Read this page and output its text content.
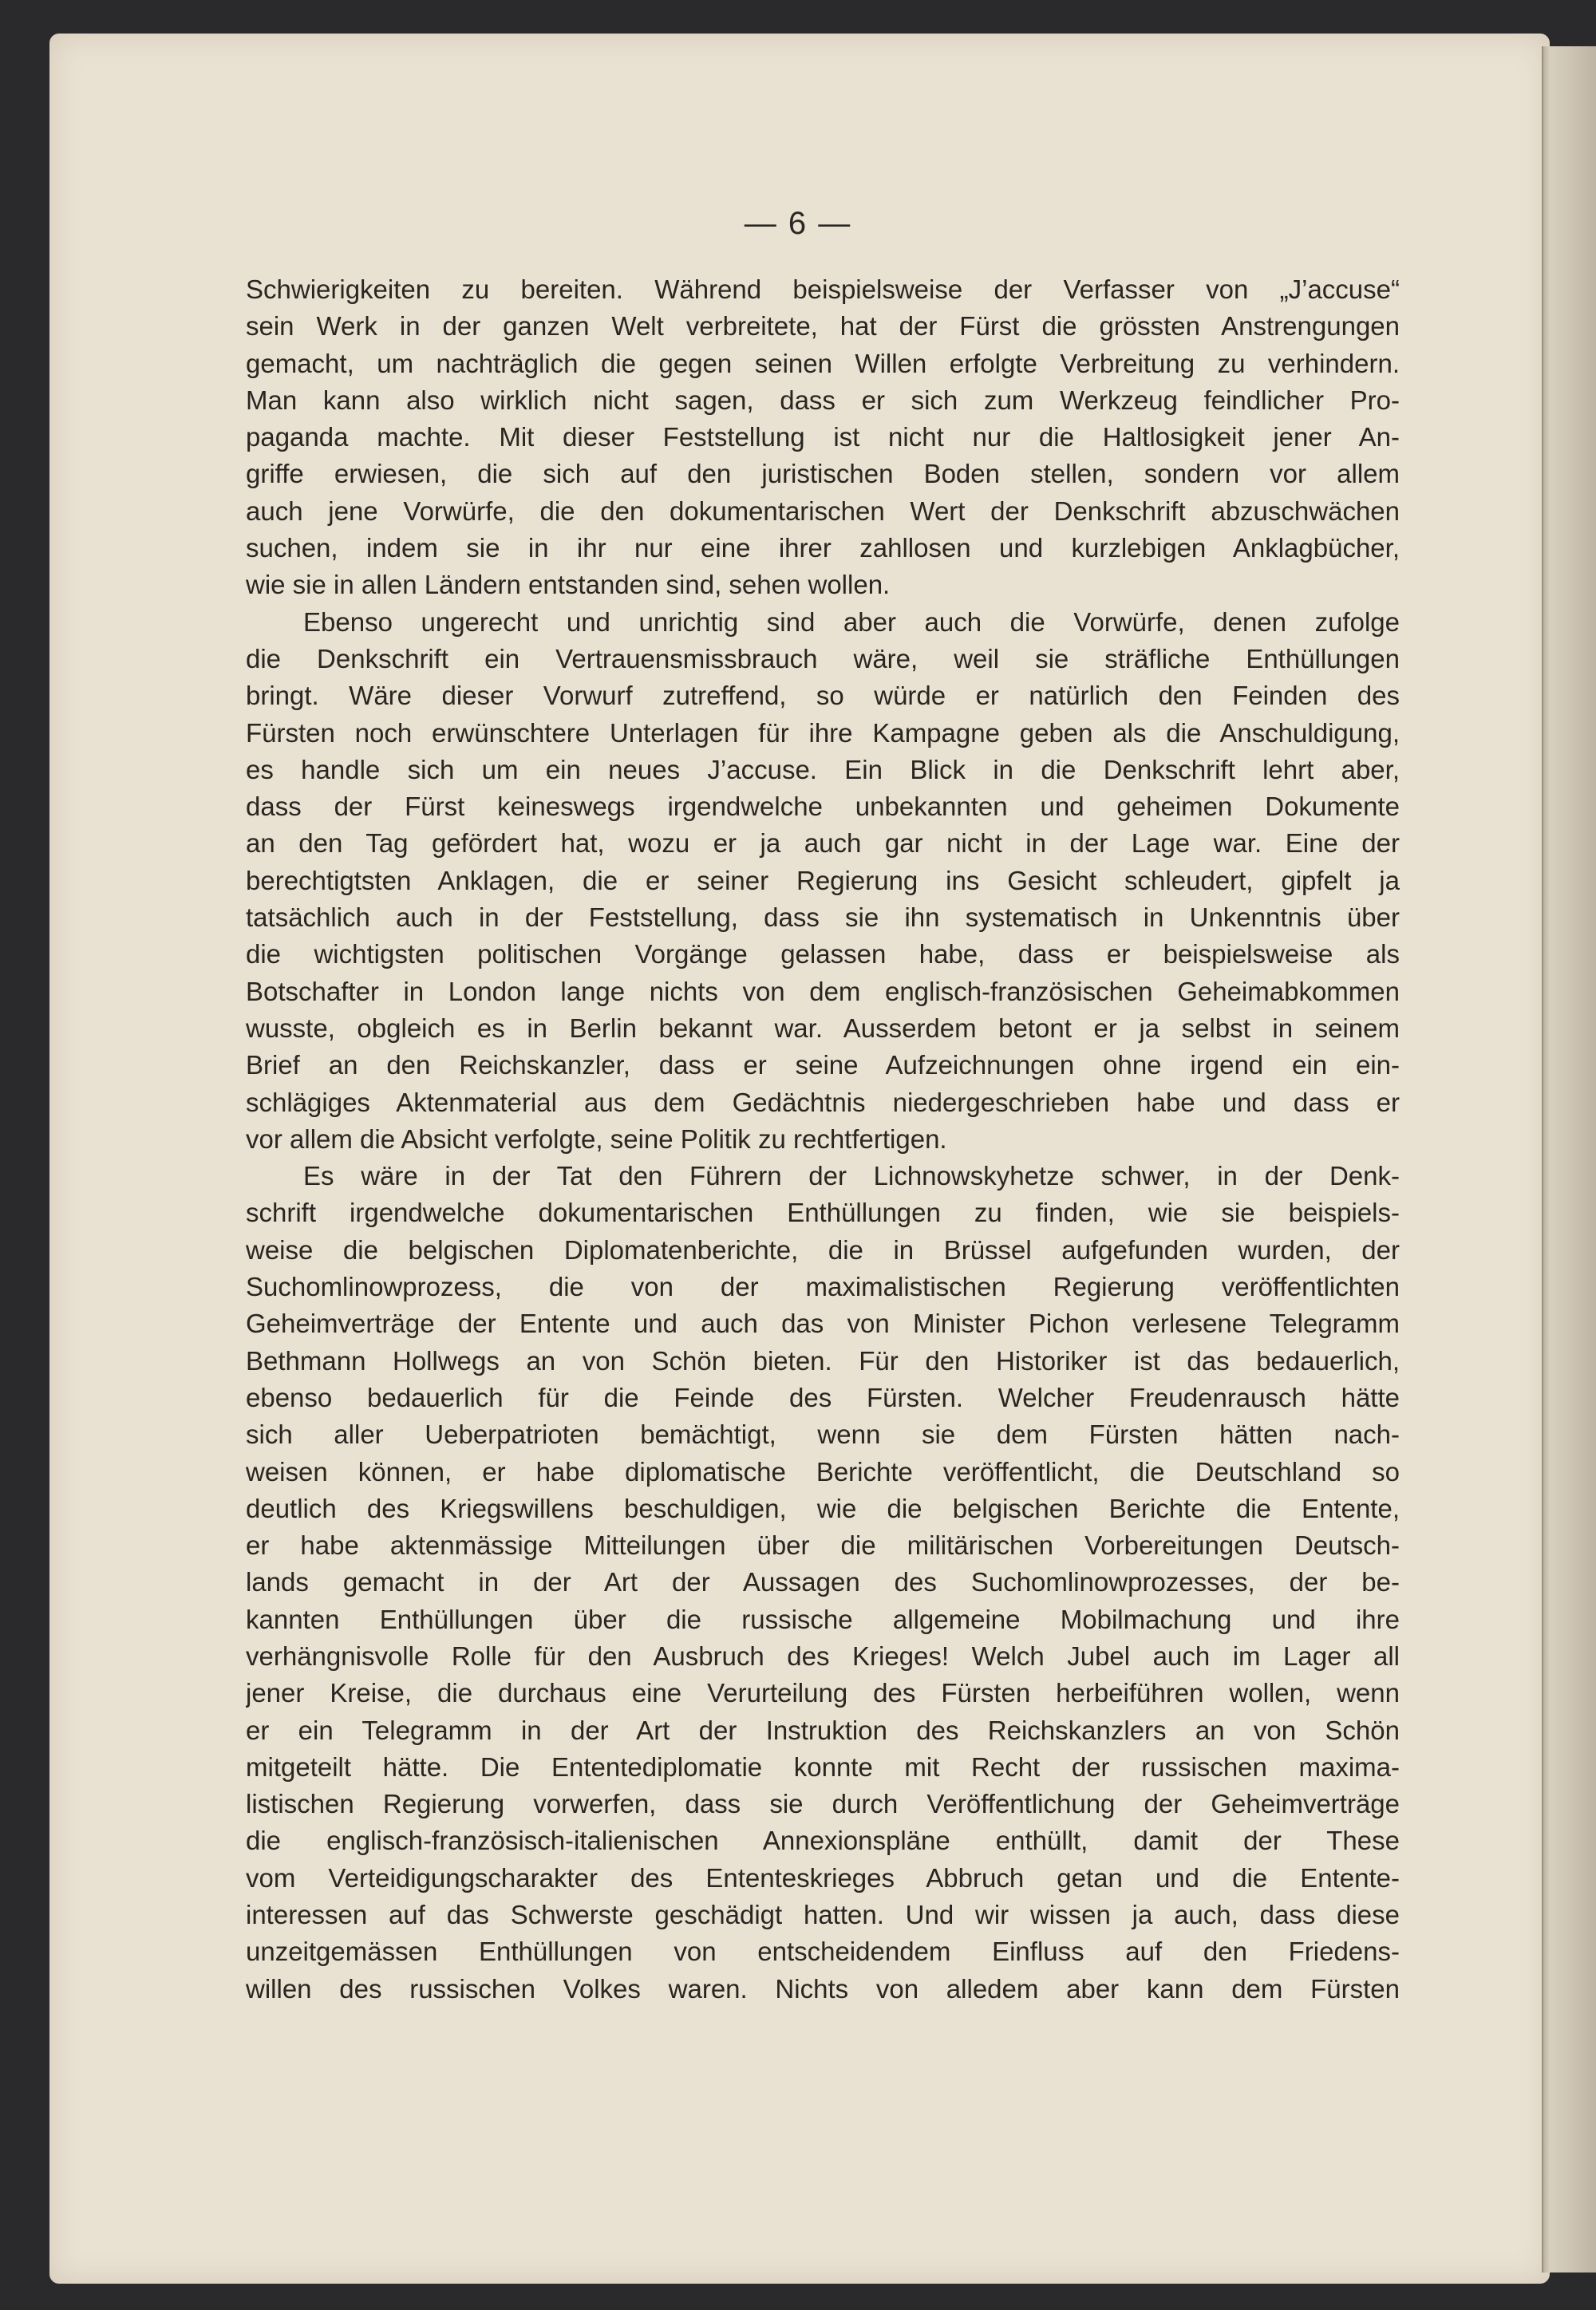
— 6 —
Schwierigkeiten zu bereiten. Während beispielsweise der Verfasser von „J’accuse“
sein Werk in der ganzen Welt verbreitete, hat der Fürst die grössten Anstrengungen
gemacht, um nachträglich die gegen seinen Willen erfolgte Verbreitung zu verhindern.
Man kann also wirklich nicht sagen, dass er sich zum Werkzeug feindlicher Pro-
paganda machte. Mit dieser Feststellung ist nicht nur die Haltlosigkeit jener An-
griffe erwiesen, die sich auf den juristischen Boden stellen, sondern vor allem
auch jene Vorwürfe, die den dokumentarischen Wert der Denkschrift abzuschwächen
suchen, indem sie in ihr nur eine ihrer zahllosen und kurzlebigen Anklagbücher,
wie sie in allen Ländern entstanden sind, sehen wollen.
Ebenso ungerecht und unrichtig sind aber auch die Vorwürfe, denen zufolge
die Denkschrift ein Vertrauensmissbrauch wäre, weil sie sträfliche Enthüllungen
bringt. Wäre dieser Vorwurf zutreffend, so würde er natürlich den Feinden des
Fürsten noch erwünschtere Unterlagen für ihre Kampagne geben als die Anschuldigung,
es handle sich um ein neues J’accuse. Ein Blick in die Denkschrift lehrt aber,
dass der Fürst keineswegs irgendwelche unbekannten und geheimen Dokumente
an den Tag gefördert hat, wozu er ja auch gar nicht in der Lage war. Eine der
berechtigtsten Anklagen, die er seiner Regierung ins Gesicht schleudert, gipfelt ja
tatsächlich auch in der Feststellung, dass sie ihn systematisch in Unkenntnis über
die wichtigsten politischen Vorgänge gelassen habe, dass er beispielsweise als
Botschafter in London lange nichts von dem englisch-französischen Geheimabkommen
wusste, obgleich es in Berlin bekannt war. Ausserdem betont er ja selbst in seinem
Brief an den Reichskanzler, dass er seine Aufzeichnungen ohne irgend ein ein-
schlägiges Aktenmaterial aus dem Gedächtnis niedergeschrieben habe und dass er
vor allem die Absicht verfolgte, seine Politik zu rechtfertigen.
Es wäre in der Tat den Führern der Lichnowskyhetze schwer, in der Denk-
schrift irgendwelche dokumentarischen Enthüllungen zu finden, wie sie beispiels-
weise die belgischen Diplomatenberichte, die in Brüssel aufgefunden wurden, der
Suchomlinowprozess, die von der maximalistischen Regierung veröffentlichten
Geheimverträge der Entente und auch das von Minister Pichon verlesene Telegramm
Bethmann Hollwegs an von Schön bieten. Für den Historiker ist das bedauerlich,
ebenso bedauerlich für die Feinde des Fürsten. Welcher Freudenrausch hätte
sich aller Ueberpatrioten bemächtigt, wenn sie dem Fürsten hätten nach-
weisen können, er habe diplomatische Berichte veröffentlicht, die Deutschland so
deutlich des Kriegswillens beschuldigen, wie die belgischen Berichte die Entente,
er habe aktenmässige Mitteilungen über die militärischen Vorbereitungen Deutsch-
lands gemacht in der Art der Aussagen des Suchomlinowprozesses, der be-
kannten Enthüllungen über die russische allgemeine Mobilmachung und ihre
verhängnisvolle Rolle für den Ausbruch des Krieges! Welch Jubel auch im Lager all
jener Kreise, die durchaus eine Verurteilung des Fürsten herbeiführen wollen, wenn
er ein Telegramm in der Art der Instruktion des Reichskanzlers an von Schön
mitgeteilt hätte. Die Ententediplomatie konnte mit Recht der russischen maxima-
listischen Regierung vorwerfen, dass sie durch Veröffentlichung der Geheimverträge
die englisch-französisch-italienischen Annexionspläne enthüllt, damit der These
vom Verteidigungscharakter des Ententeskrieges Abbruch getan und die Entente-
interessen auf das Schwerste geschädigt hatten. Und wir wissen ja auch, dass diese
unzeitgemässen Enthüllungen von entscheidendem Einfluss auf den Friedens-
willen des russischen Volkes waren. Nichts von alledem aber kann dem Fürsten
